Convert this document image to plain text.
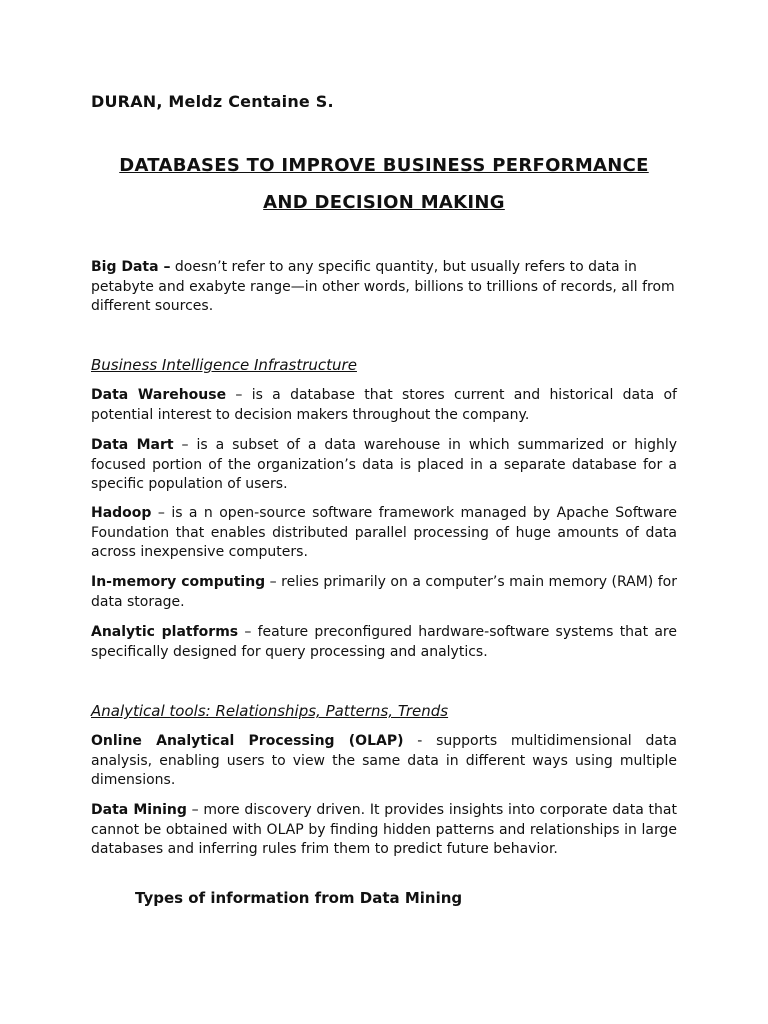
DURAN, Meldz Centaine S.
DATABASES TO IMPROVE BUSINESS PERFORMANCE
AND DECISION MAKING
Big Data – doesn’t refer to any specific quantity, but usually refers to data in petabyte and exabyte range—in other words, billions to trillions of records, all from different sources.
Business Intelligence Infrastructure
Data Warehouse – is a database that stores current and historical data of potential interest to decision makers throughout the company.
Data Mart – is a subset of a data warehouse in which summarized or highly focused portion of the organization’s data is placed in a separate database for a specific population of users.
Hadoop – is a n open-source software framework managed by Apache Software Foundation that enables distributed parallel processing of huge amounts of data across inexpensive computers.
In-memory computing – relies primarily on a computer’s main memory (RAM) for data storage.
Analytic platforms – feature preconfigured hardware-software systems that are specifically designed for query processing and analytics.
Analytical tools: Relationships, Patterns, Trends
Online Analytical Processing (OLAP) - supports multidimensional data analysis, enabling users to view the same data in different ways using multiple dimensions.
Data Mining – more discovery driven. It provides insights into corporate data that cannot be obtained with OLAP by finding hidden patterns and relationships in large databases and inferring rules frim them to predict future behavior.
Types of information from Data Mining
